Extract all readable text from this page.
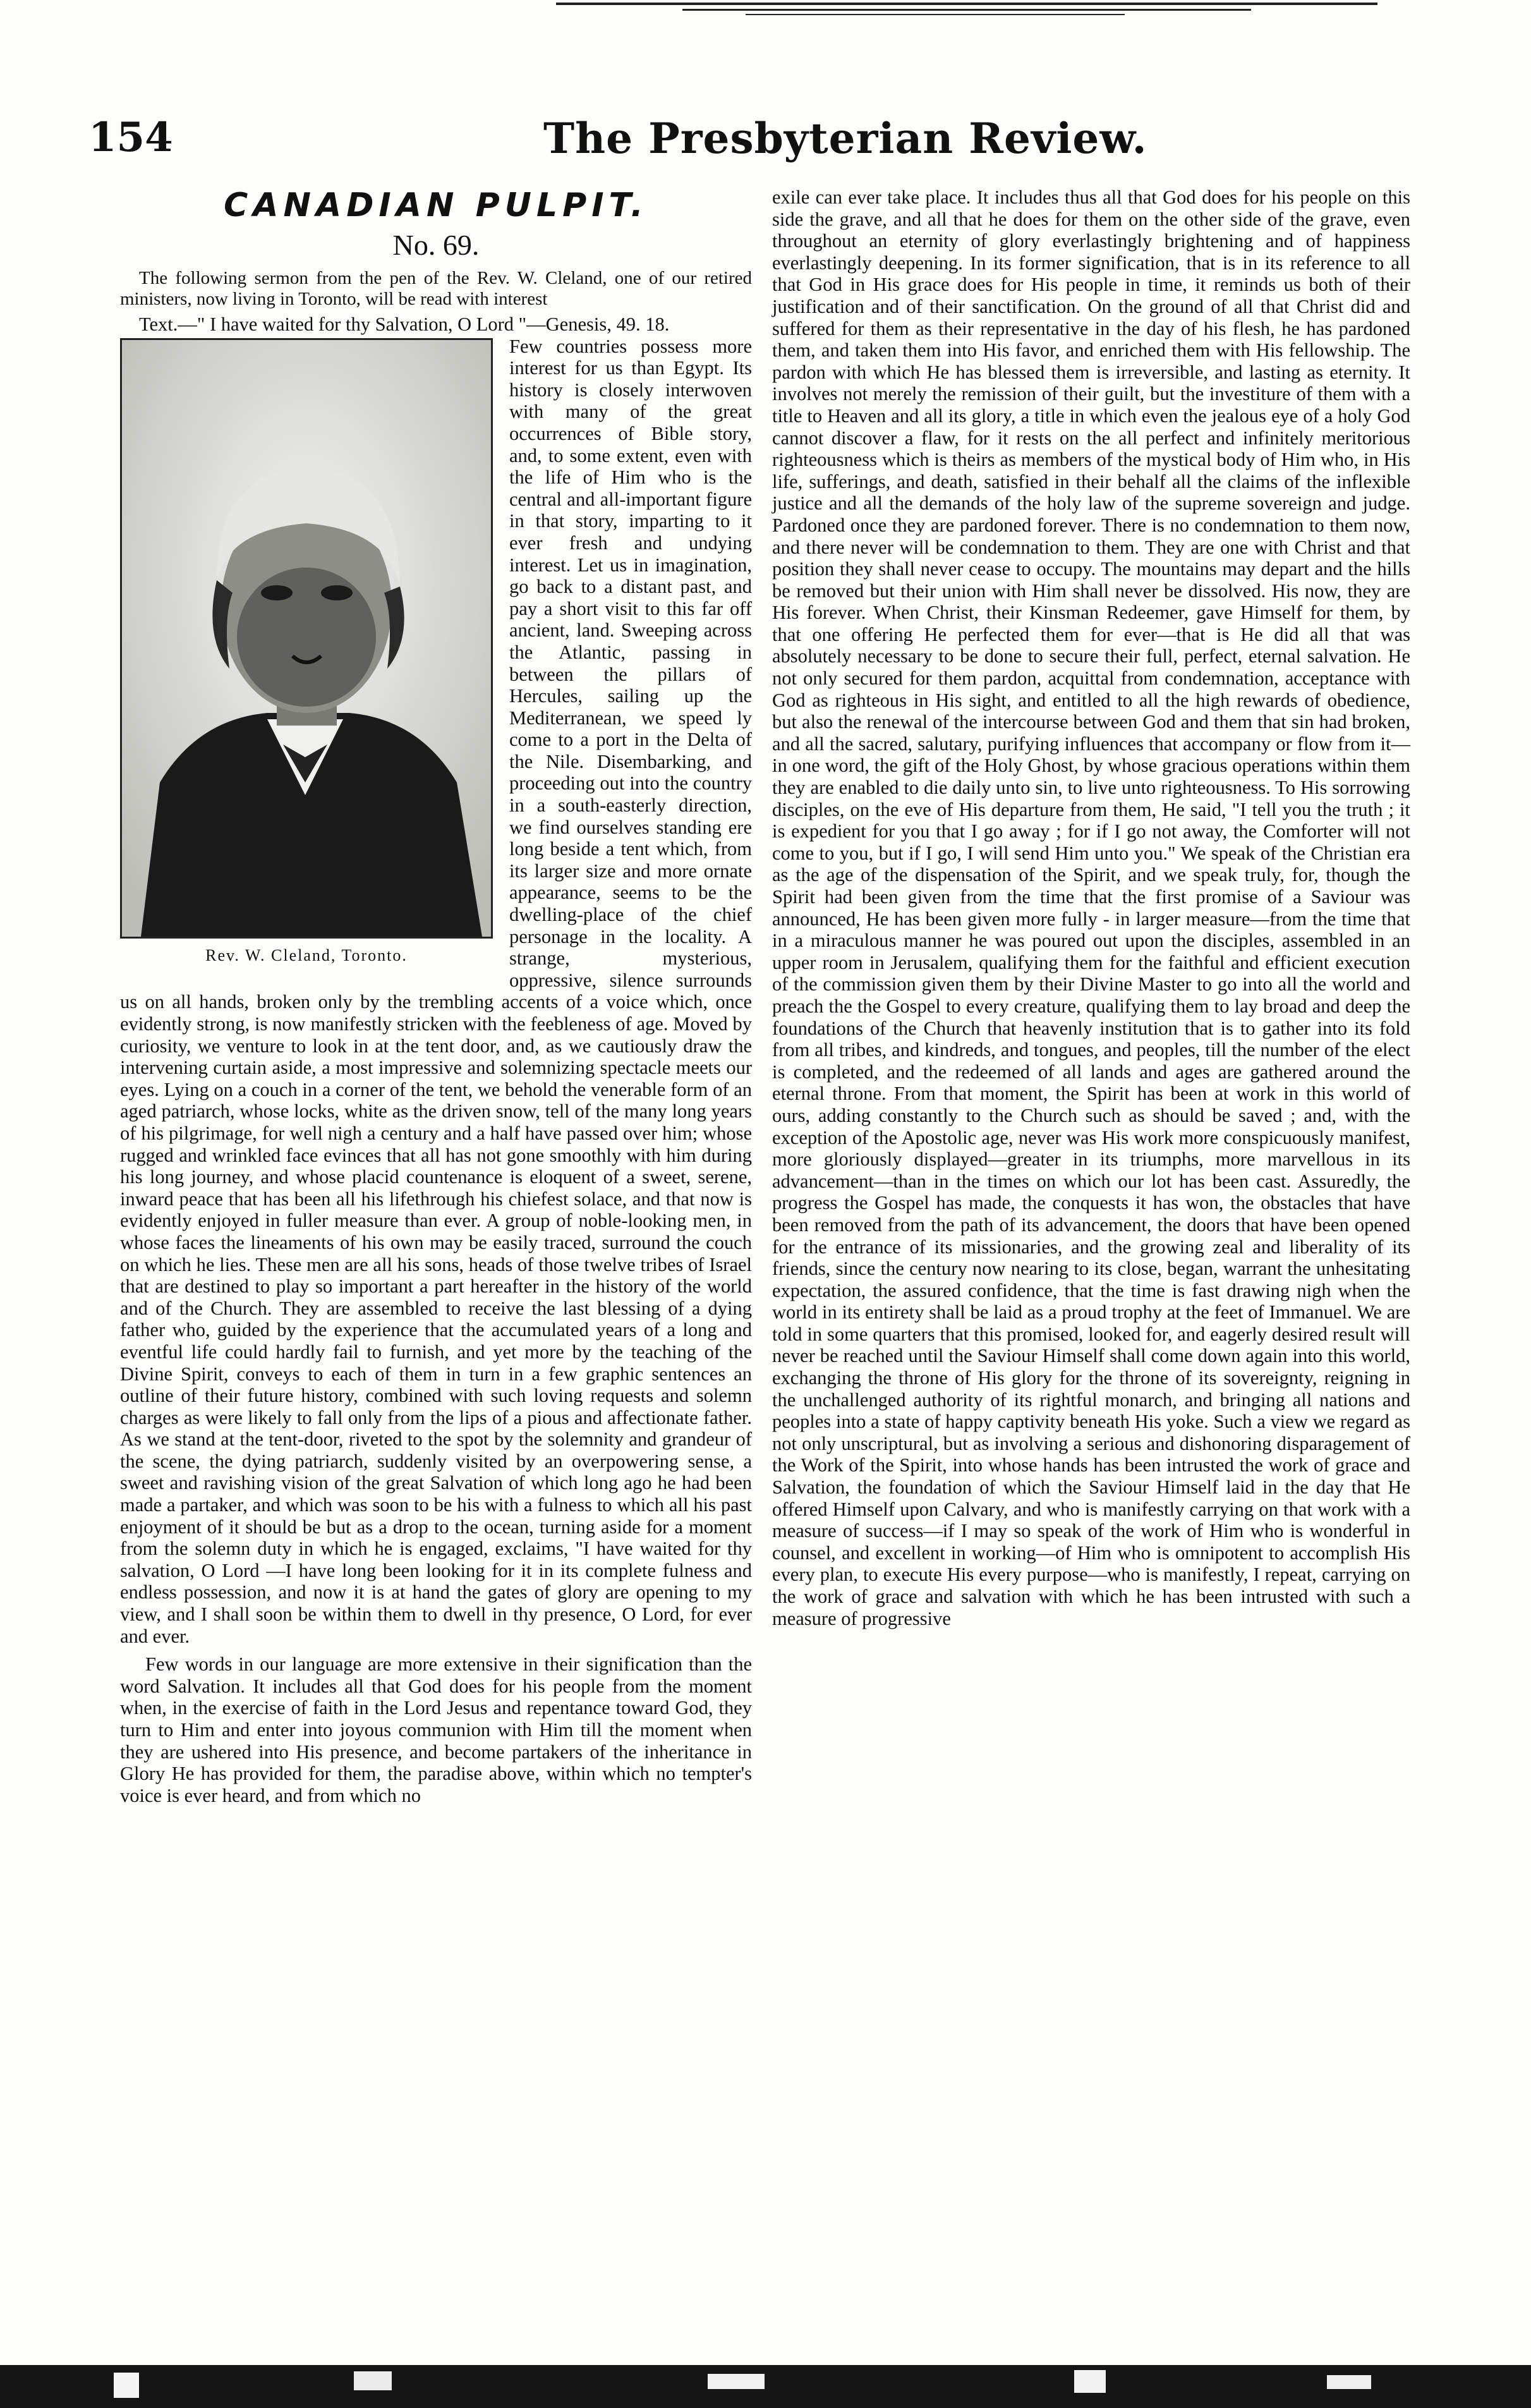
154	The Presbyterian Review.
CANADIAN PULPIT.
No. 69.

The following sermon from the pen of the Rev. W. Cleland, one of our retired ministers, now living in Toronto, will be read with interest

Text.—" I have waited for thy Salvation, O Lord "—Genesis, 49. 18.

Rev. W. Cleland, Toronto.

Few countries possess more interest for us than Egypt. Its history is closely interwoven with many of the great occurrences of Bible story, and, to some extent, even with the life of Him who is the central and all-important figure in that story, imparting to it ever fresh and undying interest. Let us in imagination, go back to a distant past, and pay a short visit to this far off ancient, land. Sweeping across the Atlantic, passing in between the pillars of Hercules, sailing up the Mediterranean, we speed ly come to a port in the Delta of the Nile. Disembarking, and proceeding out into the country in a south-easterly direction, we find ourselves standing ere long beside a tent which, from its larger size and more ornate appearance, seems to be the dwelling-place of the chief personage in the locality. A strange, mysterious, oppressive, silence surrounds us on all hands, broken only by the trembling accents of a voice which, once evidently strong, is now manifestly stricken with the feebleness of age. Moved by curiosity, we venture to look in at the tent door, and, as we cautiously draw the intervening curtain aside, a most impressive and solemnizing spectacle meets our eyes. Lying on a couch in a corner of the tent, we behold the venerable form of an aged patriarch, whose locks, white as the driven snow, tell of the many long years of his pilgrimage, for well nigh a century and a half have passed over him; whose rugged and wrinkled face evinces that all has not gone smoothly with him during his long journey, and whose placid countenance is eloquent of a sweet, serene, inward peace that has been all his lifethrough his chiefest solace, and that now is evidently enjoyed in fuller measure than ever. A group of noble-looking men, in whose faces the lineaments of his own may be easily traced, surround the couch on which he lies. These men are all his sons, heads of those twelve tribes of Israel that are destined to play so important a part hereafter in the history of the world and of the Church. They are assembled to receive the last blessing of a dying father who, guided by the experience that the accumulated years of a long and eventful life could hardly fail to furnish, and yet more by the teaching of the Divine Spirit, conveys to each of them in turn in a few graphic sentences an outline of their future history, combined with such loving requests and solemn charges as were likely to fall only from the lips of a pious and affectionate father. As we stand at the tent-door, riveted to the spot by the solemnity and grandeur of the scene, the dying patriarch, suddenly visited by an overpowering sense, a sweet and ravishing vision of the great Salvation of which long ago he had been made a partaker, and which was soon to be his with a fulness to which all his past enjoyment of it should be but as a drop to the ocean, turning aside for a moment from the solemn duty in which he is engaged, exclaims, "I have waited for thy salvation, O Lord —I have long been looking for it in its complete fulness and endless possession, and now it is at hand the gates of glory are opening to my view, and I shall soon be within them to dwell in thy presence, O Lord, for ever and ever.

Few words in our language are more extensive in their signification than the word Salvation. It includes all that God does for his people from the moment when, in the exercise of faith in the Lord Jesus and repentance toward God, they turn to Him and enter into joyous communion with Him till the moment when they are ushered into His presence, and become partakers of the inheritance in Glory He has provided for them, the paradise above, within which no tempter's voice is ever heard, and from which no

exile can ever take place. It includes thus all that God does for his people on this side the grave, and all that he does for them on the other side of the grave, even throughout an eternity of glory everlastingly brightening and of happiness everlastingly deepening. In its former signification, that is in its reference to all that God in His grace does for His people in time, it reminds us both of their justification and of their sanctification. On the ground of all that Christ did and suffered for them as their representative in the day of his flesh, he has pardoned them, and taken them into His favor, and enriched them with His fellowship. The pardon with which He has blessed them is irreversible, and lasting as eternity. It involves not merely the remission of their guilt, but the investiture of them with a title to Heaven and all its glory, a title in which even the jealous eye of a holy God cannot discover a flaw, for it rests on the all perfect and infinitely meritorious righteousness which is theirs as members of the mystical body of Him who, in His life, sufferings, and death, satisfied in their behalf all the claims of the inflexible justice and all the demands of the holy law of the supreme sovereign and judge. Pardoned once they are pardoned forever. There is no condemnation to them now, and there never will be condemnation to them. They are one with Christ and that position they shall never cease to occupy. The mountains may depart and the hills be removed but their union with Him shall never be dissolved. His now, they are His forever. When Christ, their Kinsman Redeemer, gave Himself for them, by that one offering He perfected them for ever—that is He did all that was absolutely necessary to be done to secure their full, perfect, eternal salvation. He not only secured for them pardon, acquittal from condemnation, acceptance with God as righteous in His sight, and entitled to all the high rewards of obedience, but also the renewal of the intercourse between God and them that sin had broken, and all the sacred, salutary, purifying influences that accompany or flow from it—in one word, the gift of the Holy Ghost, by whose gracious operations within them they are enabled to die daily unto sin, to live unto righteousness. To His sorrowing disciples, on the eve of His departure from them, He said, "I tell you the truth ; it is expedient for you that I go away ; for if I go not away, the Comforter will not come to you, but if I go, I will send Him unto you." We speak of the Christian era as the age of the dispensation of the Spirit, and we speak truly, for, though the Spirit had been given from the time that the first promise of a Saviour was announced, He has been given more fully - in larger measure—from the time that in a miraculous manner he was poured out upon the disciples, assembled in an upper room in Jerusalem, qualifying them for the faithful and efficient execution of the commission given them by their Divine Master to go into all the world and preach the the Gospel to every creature, qualifying them to lay broad and deep the foundations of the Church that heavenly institution that is to gather into its fold from all tribes, and kindreds, and tongues, and peoples, till the number of the elect is completed, and the redeemed of all lands and ages are gathered around the eternal throne. From that moment, the Spirit has been at work in this world of ours, adding constantly to the Church such as should be saved ; and, with the exception of the Apostolic age, never was His work more conspicuously manifest, more gloriously displayed—greater in its triumphs, more marvellous in its advancement—than in the times on which our lot has been cast. Assuredly, the progress the Gospel has made, the conquests it has won, the obstacles that have been removed from the path of its advancement, the doors that have been opened for the entrance of its missionaries, and the growing zeal and liberality of its friends, since the century now nearing to its close, began, warrant the unhesitating expectation, the assured confidence, that the time is fast drawing nigh when the world in its entirety shall be laid as a proud trophy at the feet of Immanuel. We are told in some quarters that this promised, looked for, and eagerly desired result will never be reached until the Saviour Himself shall come down again into this world, exchanging the throne of His glory for the throne of its sovereignty, reigning in the unchallenged authority of its rightful monarch, and bringing all nations and peoples into a state of happy captivity beneath His yoke. Such a view we regard as not only unscriptural, but as involving a serious and dishonoring disparagement of the Work of the Spirit, into whose hands has been intrusted the work of grace and Salvation, the foundation of which the Saviour Himself laid in the day that He offered Himself upon Calvary, and who is manifestly carrying on that work with a measure of success—if I may so speak of the work of Him who is wonderful in counsel, and excellent in working—of Him who is omnipotent to accomplish His every plan, to execute His every purpose—who is manifestly, I repeat, carrying on the work of grace and salvation with which he has been intrusted with such a measure of progressive
